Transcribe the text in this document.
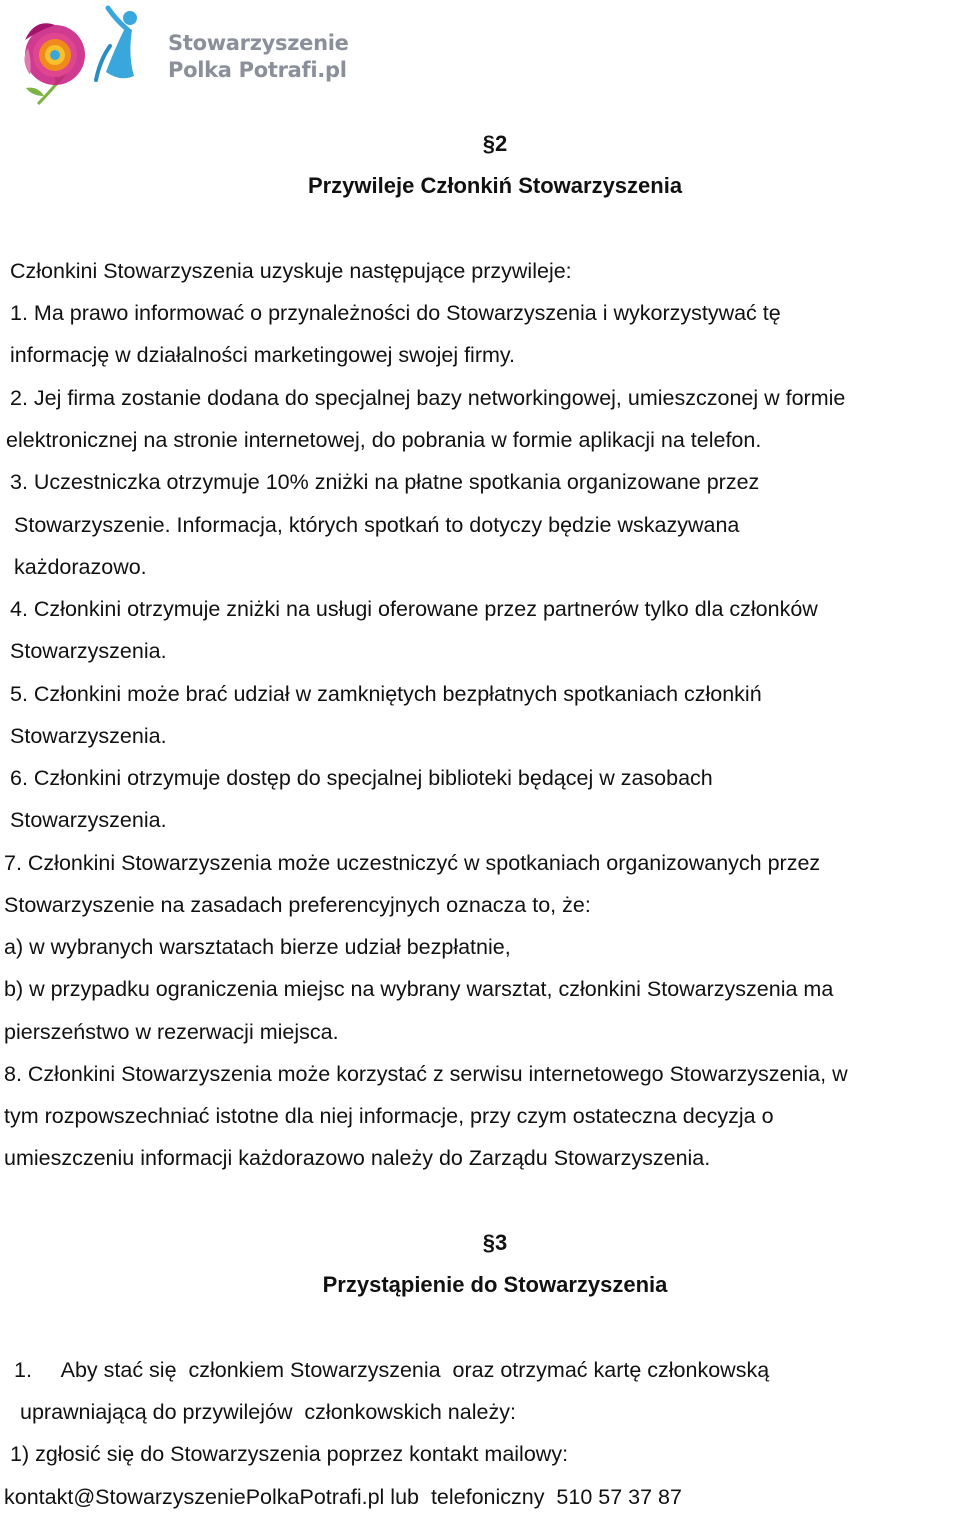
Stowarzyszenie
Polka Potrafi.pl
§2
Przywileje Członkiń Stowarzyszenia
Członkini Stowarzyszenia uzyskuje następujące przywileje:
1. Ma prawo informować o przynależności do Stowarzyszenia i wykorzystywać tę
informację w działalności marketingowej swojej firmy.
2. Jej firma zostanie dodana do specjalnej bazy networkingowej, umieszczonej w formie
elektronicznej na stronie internetowej, do pobrania w formie aplikacji na telefon.
3. Uczestniczka otrzymuje 10% zniżki na płatne spotkania organizowane przez
Stowarzyszenie. Informacja, których spotkań to dotyczy będzie wskazywana
każdorazowo.
4. Członkini otrzymuje zniżki na usługi oferowane przez partnerów tylko dla członków
Stowarzyszenia.
5. Członkini może brać udział w zamkniętych bezpłatnych spotkaniach członkiń
Stowarzyszenia.
6. Członkini otrzymuje dostęp do specjalnej biblioteki będącej w zasobach
Stowarzyszenia.
7. Członkini Stowarzyszenia może uczestniczyć w spotkaniach organizowanych przez
Stowarzyszenie na zasadach preferencyjnych oznacza to, że:
a) w wybranych warsztatach bierze udział bezpłatnie,
b) w przypadku ograniczenia miejsc na wybrany warsztat, członkini Stowarzyszenia ma
pierszeństwo w rezerwacji miejsca.
8. Członkini Stowarzyszenia może korzystać z serwisu internetowego Stowarzyszenia, w
tym rozpowszechniać istotne dla niej informacje, przy czym ostateczna decyzja o
umieszczeniu informacji każdorazowo należy do Zarządu Stowarzyszenia.
§3
Przystąpienie do Stowarzyszenia
1.     Aby stać się  członkiem Stowarzyszenia  oraz otrzymać kartę członkowską
uprawniającą do przywilejów  członkowskich należy:
1) zgłosić się do Stowarzyszenia poprzez kontakt mailowy:
kontakt@StowarzyszeniePolkaPotrafi.pl lub  telefoniczny  510 57 37 87
